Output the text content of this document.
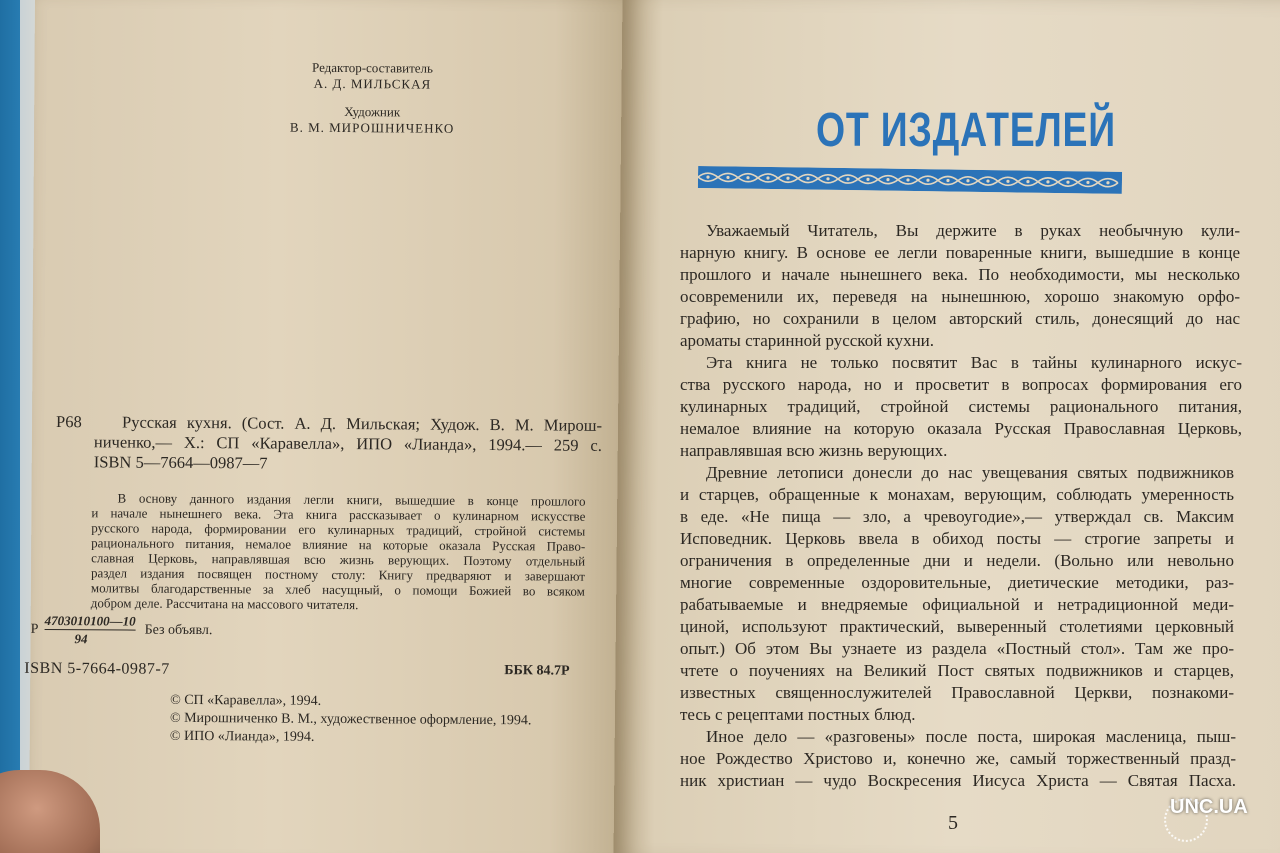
Редактор-составитель
А. Д. МИЛЬСКАЯ
Художник
В. М. МИРОШНИЧЕНКО
Р68 Русская кухня. (Сост. А. Д. Мильская; Худож. В. М. Мирош-
ниченко,— X.: СП «Каравелла», ИПО «Лианда», 1994.— 259 с.
ISBN 5—7664—0987—7
В основу данного издания легли книги, вышедшие в конце прошлого
и начале нынешнего века. Эта книга рассказывает о кулинарном искусстве
русского народа, формировании его кулинарных традиций, стройной системы
рационального питания, немалое влияние на которые оказала Русская Право-
славная Церковь, направлявшая всю жизнь верующих. Поэтому отдельный
раздел издания посвящен постному столу: Книгу предваряют и завершают
молитвы благодарственные за хлеб насущный, о помощи Божией во всяком
добром деле. Рассчитана на массового читателя.
Р
4703010100—10
94
Без объявл.
ISBN 5-7664-0987-7	ББК 84.7Р
© СП «Каравелла», 1994.
© Мирошниченко В. М., художественное оформление, 1994.
© ИПО «Лианда», 1994.
ОТ ИЗДАТЕЛЕЙ
Уважаемый Читатель, Вы держите в руках необычную кули-
нарную книгу. В основе ее легли поваренные книги, вышедшие в конце
прошлого и начале нынешнего века. По необходимости, мы несколько
осовременили их, переведя на нынешнюю, хорошо знакомую орфо-
графию, но сохранили в целом авторский стиль, донесящий до нас
ароматы старинной русской кухни.
Эта книга не только посвятит Вас в тайны кулинарного искус-
ства русского народа, но и просветит в вопросах формирования его
кулинарных традиций, стройной системы рационального питания,
немалое влияние на которую оказала Русская Православная Церковь,
направлявшая всю жизнь верующих.
Древние летописи донесли до нас увещевания святых подвижников
и старцев, обращенные к монахам, верующим, соблюдать умеренность
в еде. «Не пища — зло, а чревоугодие»,— утверждал св. Максим
Исповедник. Церковь ввела в обиход посты — строгие запреты и
ограничения в определенные дни и недели. (Вольно или невольно
многие современные оздоровительные, диетические методики, раз-
рабатываемые и внедряемые официальной и нетрадиционной меди-
циной, используют практический, выверенный столетиями церковный
опыт.) Об этом Вы узнаете из раздела «Постный стол». Там же про-
чтете о поучениях на Великий Пост святых подвижников и старцев,
известных священнослужителей Православной Церкви, познакоми-
тесь с рецептами постных блюд.
Иное дело — «разговены» после поста, широкая масленица, пыш-
ное Рождество Христово и, конечно же, самый торжественный празд-
ник христиан — чудо Воскресения Иисуса Христа — Святая Пасха.
5
UNC.UA
